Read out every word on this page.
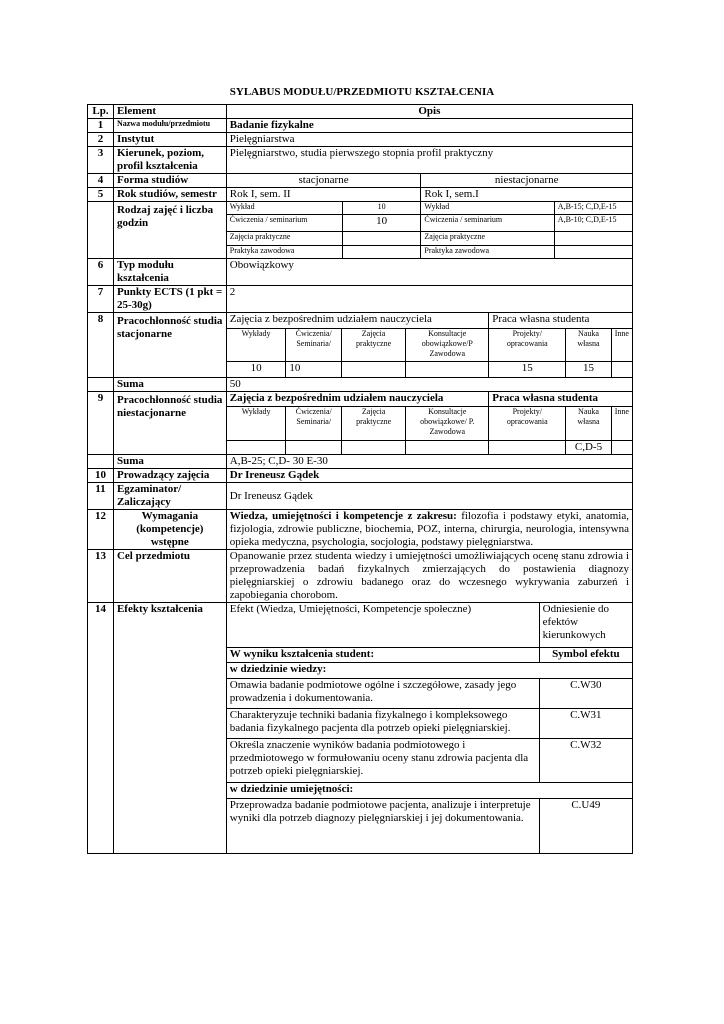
SYLABUS MODUŁU/PRZEDMIOTU KSZTAŁCENIA
Lp.	Element	Opis
1	Nazwa modułu/przedmiotu	Badanie fizykalne
2	Instytut	Pielęgniarstwa
3	Kierunek, poziom, profil kształcenia	Pielęgniarstwo, studia pierwszego stopnia profil praktyczny
4	Forma studiów	stacjonarne	niestacjonarne
5	Rok studiów, semestr	Rok I, sem. II	Rok I, sem.I
	Rodzaj zajęć i liczba godzin	
Wykład	10	Wykład	A,B-15; C,D,E-15
Ćwiczenia / seminarium	10	Ćwiczenia / seminarium	A,B-10; C,D,E-15
Zajęcia praktyczne		Zajęcia praktyczne	
Praktyka zawodowa		Praktyka zawodowa	

6	Typ modułu kształcenia	Obowiązkowy
7	Punkty ECTS (1 pkt = 25-30g)	2
8	Pracochłonność studia stacjonarne	
Zajęcia z bezpośrednim udziałem nauczyciela	Praca własna studenta
Wykłady	Ćwiczenia/ Seminaria/	Zajęcia praktyczne	Konsultacje obowiązkowe/P Zawodowa	Projekty/ opracowania	Nauka własna	Inne
10	10			15	15	

	Suma	50
9	Pracochłonność studia niestacjonarne	
Zajęcia z bezpośrednim udziałem nauczyciela	Praca własna studenta
Wykłady	Ćwiczenia/ Seminaria/	Zajęcia praktyczne	Konsultacje obowiązkowe/ P. Zawodowa	Projekty/ opracowania	Nauka własna	Inne
					C,D-5	

	Suma	A,B-25; C,D- 30 E-30
10	Prowadzący zajęcia	Dr Ireneusz Gądek
11	Egzaminator/ Zaliczający	Dr Ireneusz Gądek
12	Wymagania (kompetencje) wstępne	Wiedza, umiejętności i kompetencje z zakresu: filozofia i podstawy etyki, anatomia, fizjologia, zdrowie publiczne, biochemia, POZ, interna, chirurgia, neurologia, intensywna opieka medyczna, psychologia, socjologia, podstawy pielęgniarstwa.
13	Cel przedmiotu	Opanowanie przez studenta wiedzy i umiejętności umożliwiających ocenę stanu zdrowia i przeprowadzenia badań fizykalnych zmierzających do postawienia diagnozy pielęgniarskiej o zdrowiu badanego oraz do wczesnego wykrywania zaburzeń i zapobiegania chorobom.
14	Efekty kształcenia	Efekt (Wiedza, Umiejętności, Kompetencje społeczne)	Odniesienie do efektów kierunkowych
W wyniku kształcenia student:	Symbol efektu
w dziedzinie wiedzy:
Omawia badanie podmiotowe ogólne i szczegółowe, zasady jego prowadzenia i dokumentowania.	C.W30
Charakteryzuje techniki badania fizykalnego i kompleksowego badania fizykalnego pacjenta dla potrzeb opieki pielęgniarskiej.	C.W31
Określa znaczenie wyników badania podmiotowego i przedmiotowego w formułowaniu oceny stanu zdrowia pacjenta dla potrzeb opieki pielęgniarskiej.	C.W32
w dziedzinie umiejętności:
Przeprowadza badanie podmiotowe pacjenta, analizuje i interpretuje wyniki dla potrzeb diagnozy pielęgniarskiej i jej dokumentowania.	C.U49
